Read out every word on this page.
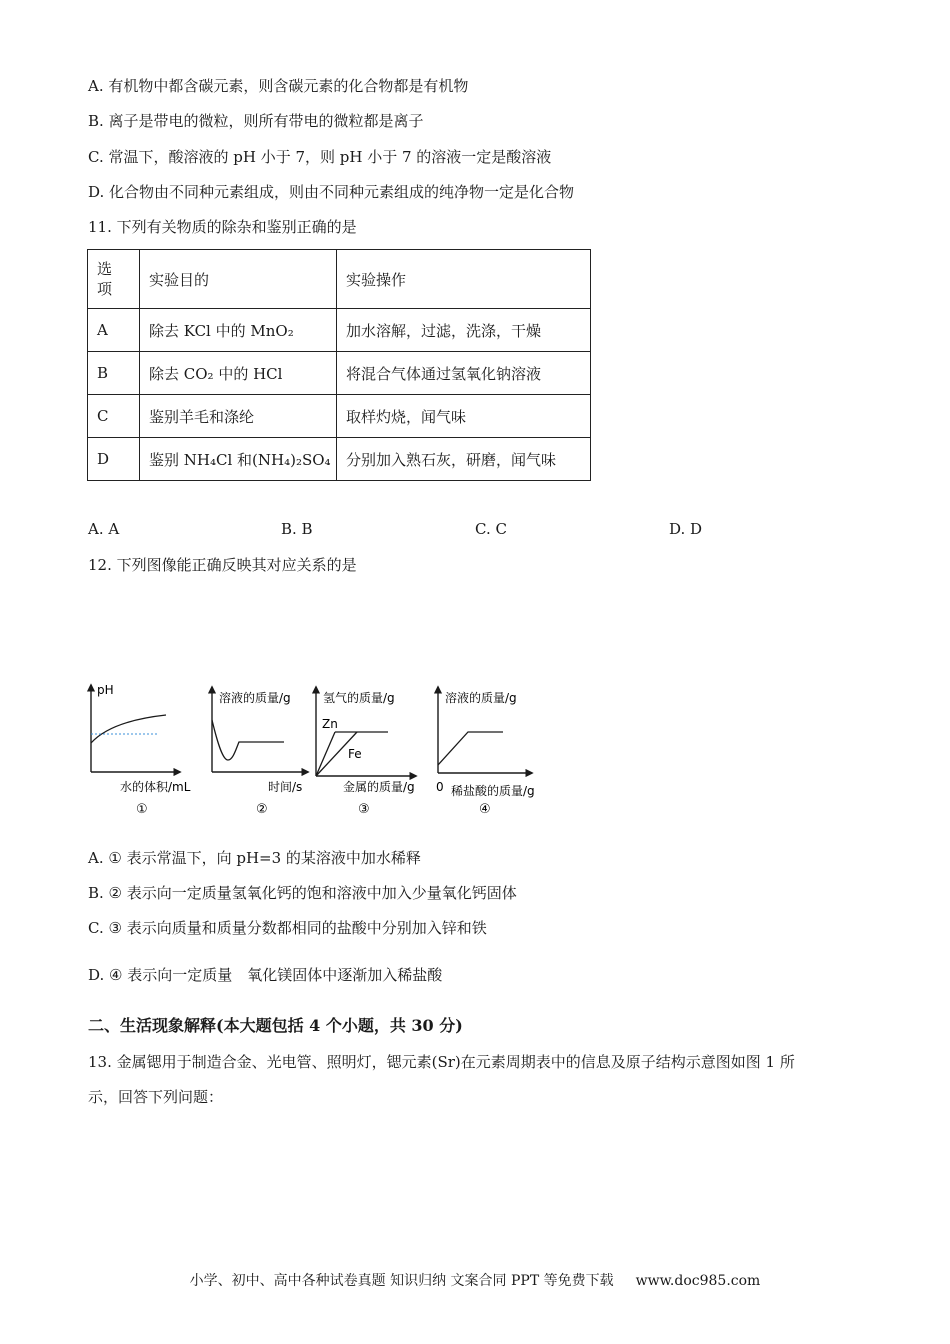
A. 有机物中都含碳元素，则含碳元素的化合物都是有机物
B. 离子是带电的微粒，则所有带电的微粒都是离子
C. 常温下，酸溶液的 pH 小于 7，则 pH 小于 7 的溶液一定是酸溶液
D. 化合物由不同种元素组成，则由不同种元素组成的纯净物一定是化合物
11. 下列有关物质的除杂和鉴别正确的是
选项	实验目的	实验操作
A	除去 KCl 中的 MnO₂	加水溶解，过滤，洗涤，干燥
B	除去 CO₂ 中的 HCl	将混合气体通过氢氧化钠溶液
C	鉴别羊毛和涤纶	取样灼烧，闻气味
D	鉴别 NH₄Cl 和(NH₄)₂SO₄	分别加入熟石灰，研磨，闻气味
A. A	B. B	C. C	D. D
12. 下列图像能正确反映其对应关系的是
pH
水的体积/mL
①
溶液的质量/g
时间/s
②
氢气的质量/g
Zn
Fe
金属的质量/g
③
溶液的质量/g
0 稀盐酸的质量/g
④
A. ① 表示常温下，向 pH=3 的某溶液中加水稀释
B. ② 表示向一定质量氢氧化钙的饱和溶液中加入少量氧化钙固体
C. ③ 表示向质量和质量分数都相同的盐酸中分别加入锌和铁
D. ④ 表示向一定质量　氧化镁固体中逐渐加入稀盐酸
二、生活现象解释(本大题包括 4 个小题，共 30 分)
13. 金属锶用于制造合金、光电管、照明灯，锶元素(Sr)在元素周期表中的信息及原子结构示意图如图 1 所
示，回答下列问题：
小学、初中、高中各种试卷真题 知识归纳 文案合同 PPT 等免费下载 www.doc985.com
